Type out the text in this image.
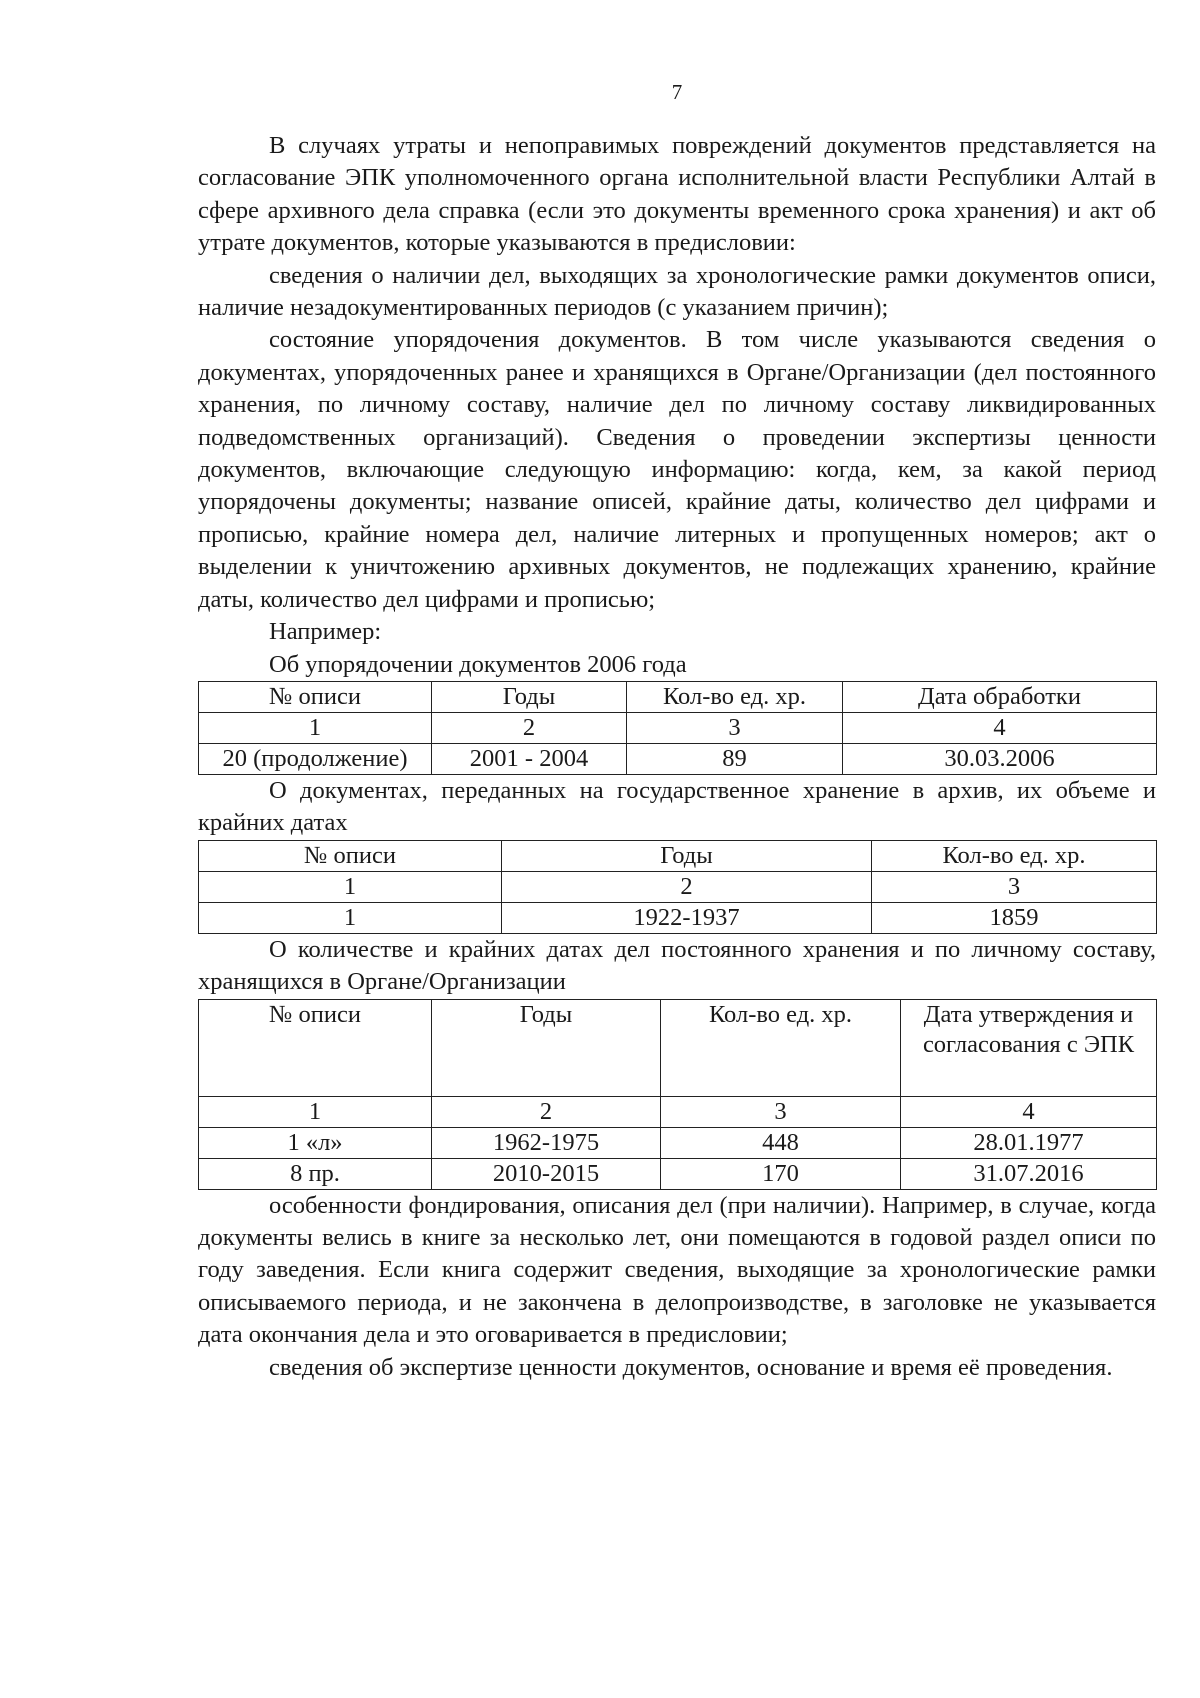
7

В случаях утраты и непоправимых повреждений документов представляется на согласование ЭПК уполномоченного органа исполнительной власти Республики Алтай в сфере архивного дела справка (если это документы временного срока хранения) и акт об утрате документов, которые указываются в предисловии:

сведения о наличии дел, выходящих за хронологические рамки документов описи, наличие незадокументированных периодов (с указанием причин);

состояние упорядочения документов. В том числе указываются сведения о документах, упорядоченных ранее и хранящихся в Органе/Организации (дел постоянного хранения, по личному составу, наличие дел по личному составу ликвидированных подведомственных организаций). Сведения о проведении экспертизы ценности документов, включающие следующую информацию: когда, кем, за какой период упорядочены документы; название описей, крайние даты, количество дел цифрами и прописью, крайние номера дел, наличие литерных и пропущенных номеров; акт о выделении к уничтожению архивных документов, не подлежащих хранению, крайние даты, количество дел цифрами и прописью;

Например:

Об упорядочении документов 2006 года

№ описи	Годы	Кол-во ед. хр.	Дата обработки
1	2	3	4
20 (продолжение)	2001 - 2004	89	30.03.2006

О документах, переданных на государственное хранение в архив, их объеме и крайних датах

№ описи	Годы	Кол-во ед. хр.
1	2	3
1	1922-1937	1859

О количестве и крайних датах дел постоянного хранения и по личному составу, хранящихся в Органе/Организации

№ описи	Годы	Кол-во ед. хр.	Дата утверждения и согласования с ЭПК
1	2	3	4
1 «л»	1962-1975	448	28.01.1977
8 пр.	2010-2015	170	31.07.2016

особенности фондирования, описания дел (при наличии). Например, в случае, когда документы велись в книге за несколько лет, они помещаются в годовой раздел описи по году заведения. Если книга содержит сведения, выходящие за хронологические рамки описываемого периода, и не закончена в делопроизводстве, в заголовке не указывается дата окончания дела и это оговаривается в предисловии;

сведения об экспертизе ценности документов, основание и время её проведения.
